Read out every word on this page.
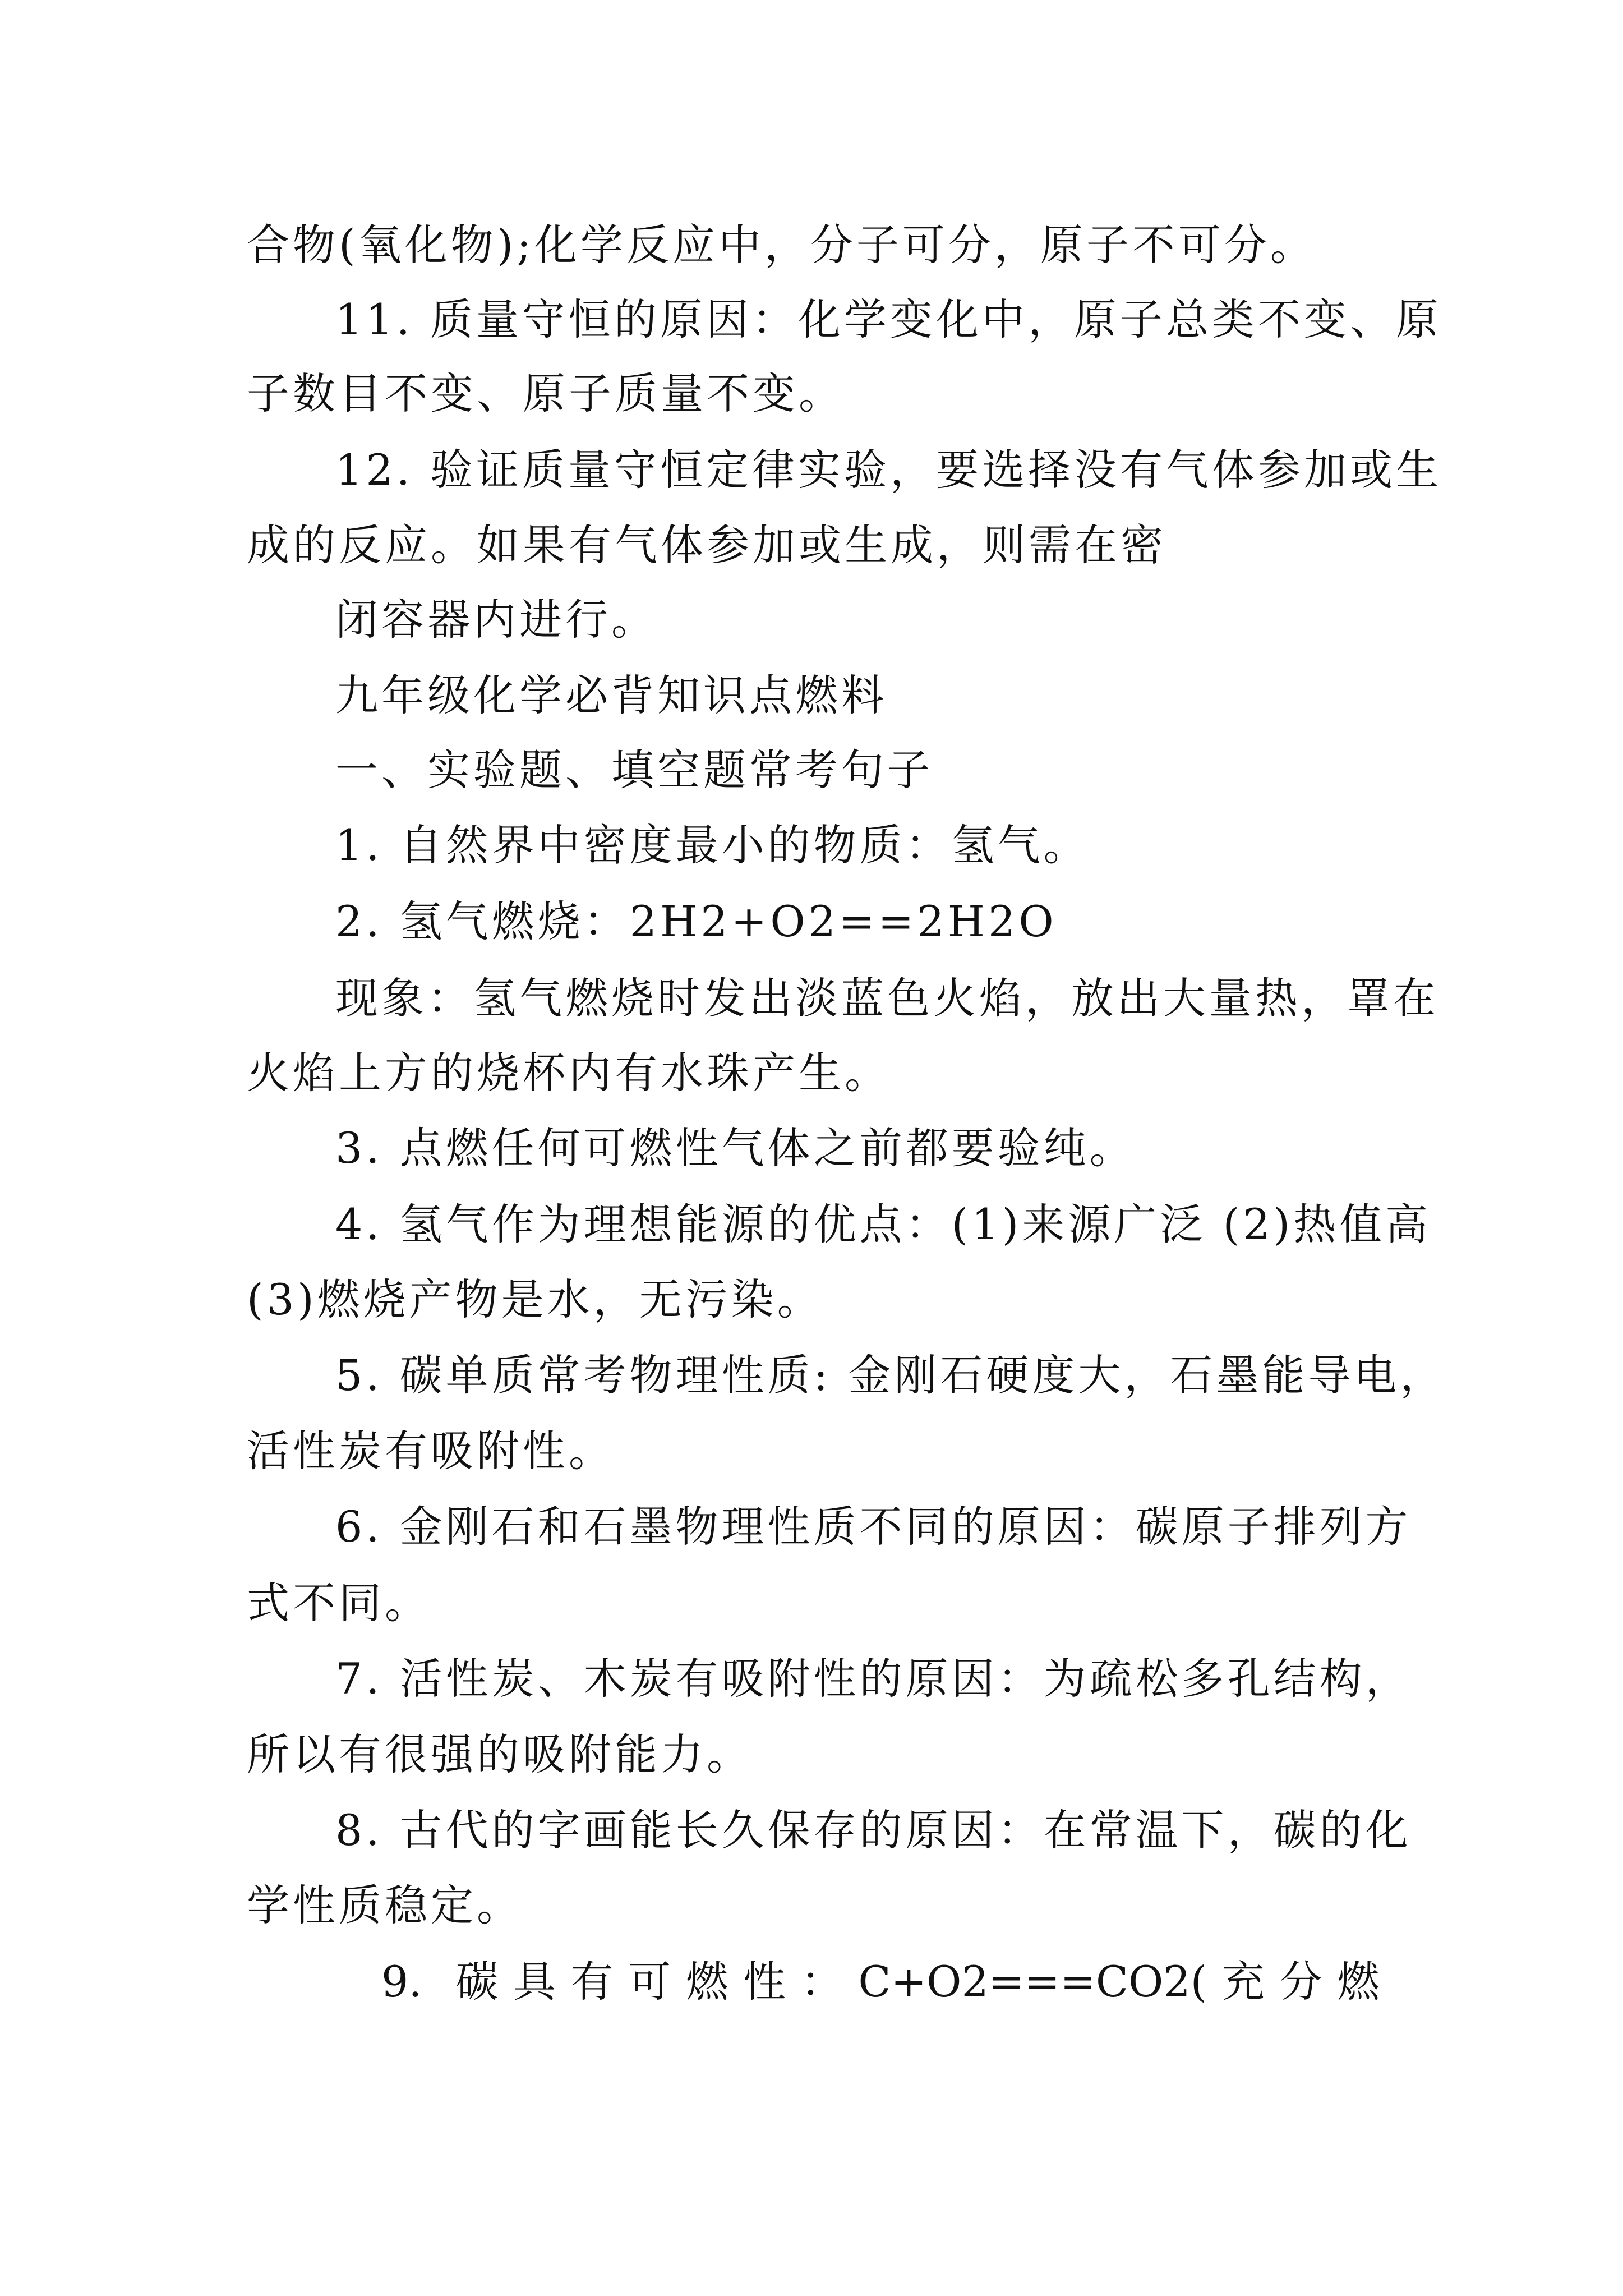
合物(氧化物);化学反应中，分子可分，原子不可分。
11. 质量守恒的原因：化学变化中，原子总类不变、原
子数目不变、原子质量不变。
12. 验证质量守恒定律实验，要选择没有气体参加或生
成的反应。如果有气体参加或生成，则需在密
闭容器内进行。
九年级化学必背知识点燃料
一、实验题、填空题常考句子
1. 自然界中密度最小的物质：氢气。
2. 氢气燃烧：2H2+O2==2H2O
现象：氢气燃烧时发出淡蓝色火焰，放出大量热，罩在
火焰上方的烧杯内有水珠产生。
3. 点燃任何可燃性气体之前都要验纯。
4. 氢气作为理想能源的优点：(1)来源广泛 (2)热值高
(3)燃烧产物是水，无污染。
5. 碳单质常考物理性质: 金刚石硬度大，石墨能导电，
活性炭有吸附性。
6. 金刚石和石墨物理性质不同的原因：碳原子排列方
式不同。
7. 活性炭、木炭有吸附性的原因：为疏松多孔结构，
所以有很强的吸附能力。
8. 古代的字画能长久保存的原因：在常温下，碳的化
学性质稳定。
9. 碳 具 有 可 燃 性 ： C+O2===CO2( 充 分 燃
